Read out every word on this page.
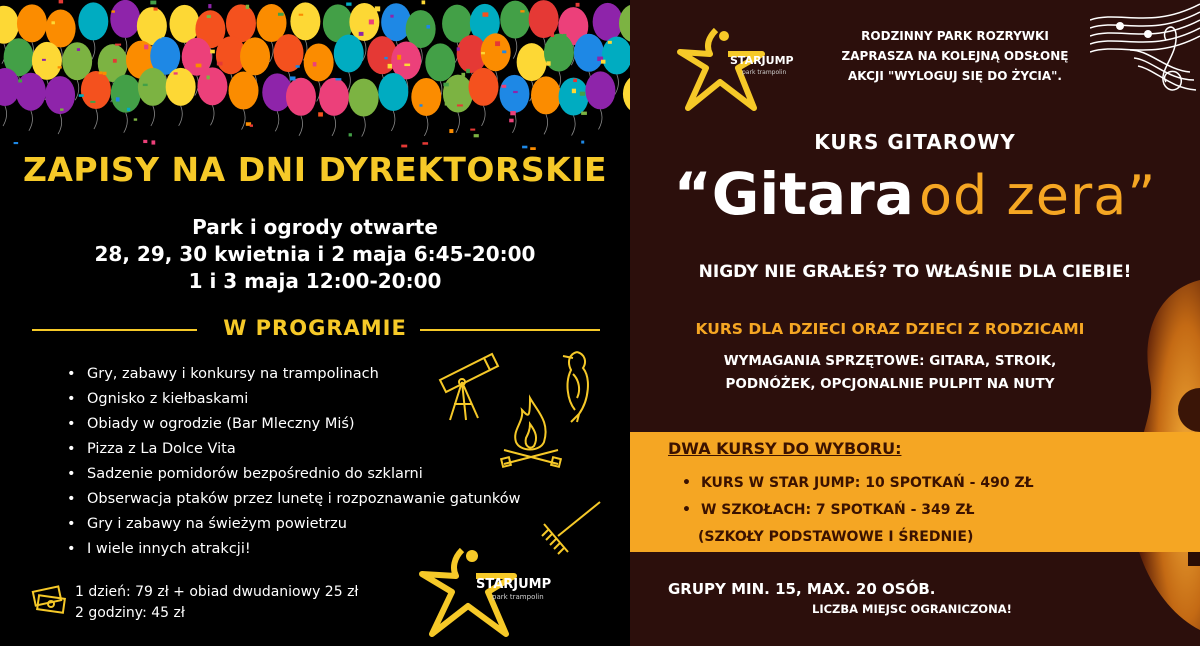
ZAPISY NA DNI DYREKTORSKIE
Park i ogrody otwarte
28, 29, 30 kwietnia i 2 maja 6:45-20:00
1 i 3 maja 12:00-20:00
W PROGRAMIE
• Gry, zabawy i konkursy na trampolinach
• Ognisko z kiełbaskami
• Obiady w ogrodzie (Bar Mleczny Miś)
• Pizza z La Dolce Vita
• Sadzenie pomidorów bezpośrednio do szklarni
• Obserwacja ptaków przez lunetę i rozpoznawanie gatunków
• Gry i zabawy na świeżym powietrzu
• I wiele innych atrakcji!
1 dzień: 79 zł + obiad dwudaniowy 25 zł
2 godziny: 45 zł
STARJUMP
park trampolin
STARJUMP
park trampolin
RODZINNY PARK ROZRYWKI
ZAPRASZA NA KOLEJNĄ ODSŁONĘ
AKCJI "WYLOGUJ SIĘ DO ŻYCIA".
KURS GITAROWY
“Gitara od zera”
NIGDY NIE GRAŁEŚ? TO WŁAŚNIE DLA CIEBIE!
KURS DLA DZIECI ORAZ DZIECI Z RODZICAMI
WYMAGANIA SPRZĘTOWE: GITARA, STROIK,
PODNÓŻEK, OPCJONALNIE PULPIT NA NUTY
DWA KURSY DO WYBORU:
• KURS W STAR JUMP: 10 SPOTKAŃ - 490 ZŁ
• W SZKOŁACH: 7 SPOTKAŃ - 349 ZŁ
(SZKOŁY PODSTAWOWE I ŚREDNIE)
GRUPY MIN. 15, MAX. 20 OSÓB.
LICZBA MIEJSC OGRANICZONA!
